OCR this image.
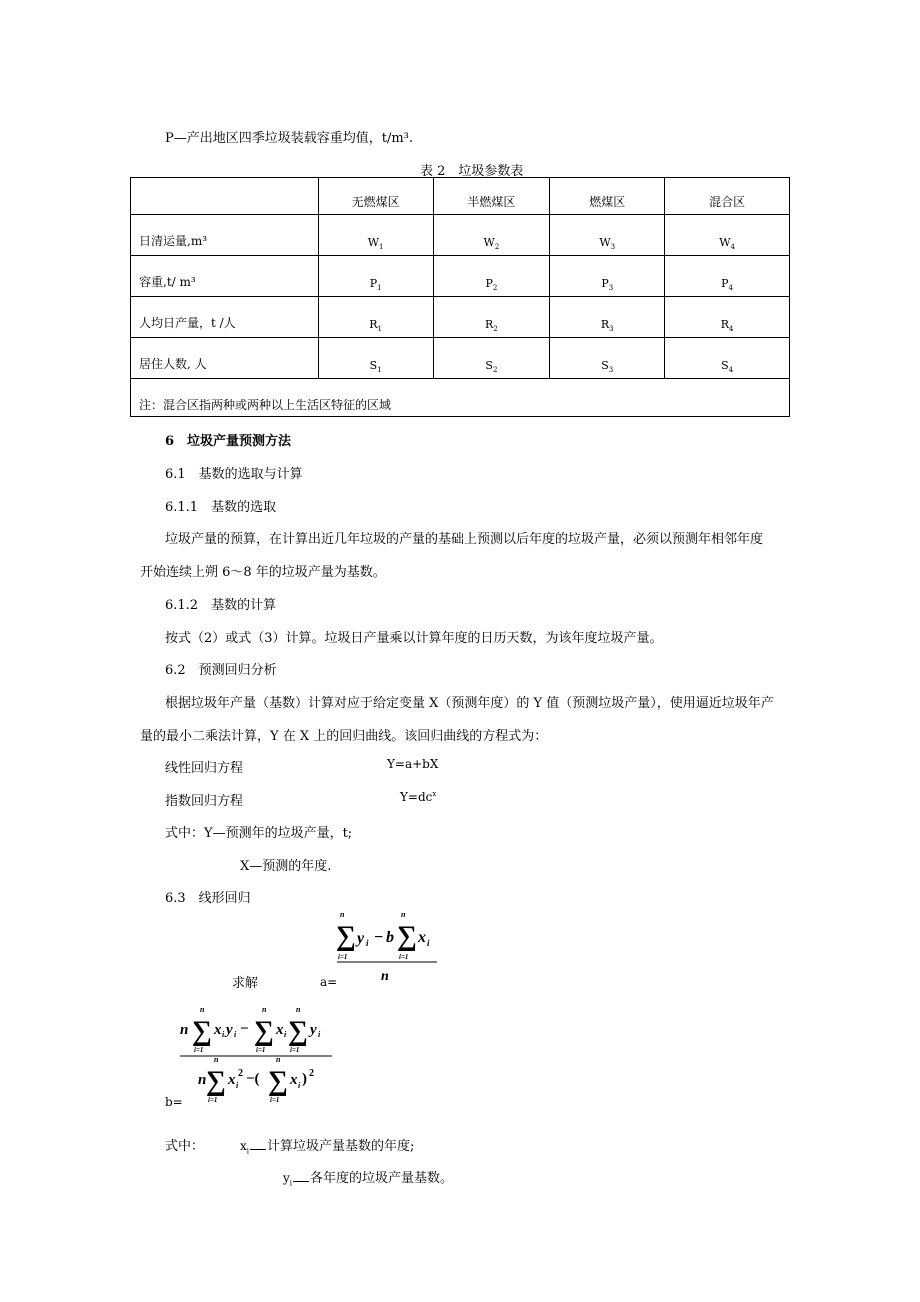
P—产出地区四季垃圾装载容重均值，t/m³.
表 2　垃圾参数表
	无燃煤区	半燃煤区	燃煤区	混合区
日清运量,m³	$W_1$	$W_2$	$W_3$	$W_4$
容重,t/ m³	$P_1$	$P_2$	$P_3$	$P_4$
人均日产量，t /人	$R_1$	$R_2$	$R_3$	$R_4$
居住人数, 人	$S_1$	$S_2$	$S_3$	$S_4$
注：混合区指两种或两种以上生活区特征的区域				
6　垃圾产量预测方法
6.1　基数的选取与计算
6.1.1　基数的选取
垃圾产量的预算，在计算出近几年垃圾的产量的基础上预测以后年度的垃圾产量，必须以预测年相邻年度
开始连续上朔 6～8 年的垃圾产量为基数。
6.1.2　基数的计算
按式（2）或式（3）计算。垃圾日产量乘以计算年度的日历天数，为该年度垃圾产量。
6.2　预测回归分析
根据垃圾年产量（基数）计算对应于给定变量 X（预测年度）的 Y 值（预测垃圾产量），使用逼近垃圾年产
量的最小二乘法计算，Y 在 X 上的回归曲线。该回归曲线的方程式为：
线性回归方程	Y=a+bX
指数回归方程	$Y=dc^x$
式中：Y—预测年的垃圾产量，t;
X—预测的年度.
6.3　线形回归
求解	a=
n
∑
i=1
y i − b
n
∑
i=1
x i
n
n
n
∑
i=1
x i y i −
n
∑
i=1
x i
n
∑
i=1
y i
n
n
∑
i=1
x i
2 −(
n
∑
i=1
x i ) 2
b=
式中：	$x_i$ 计算垃圾产量基数的年度;
$y_i$ 各年度的垃圾产量基数。
